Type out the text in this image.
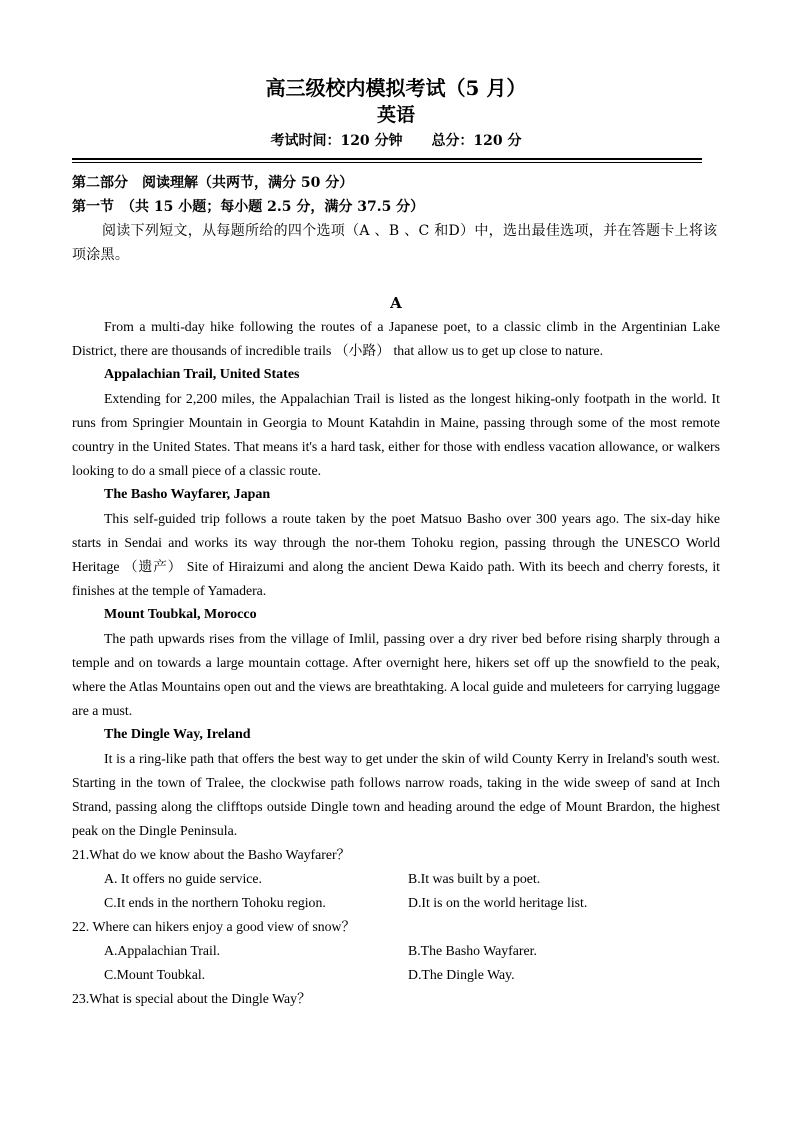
高三级校内模拟考试（5 月）
英语
考试时间：120 分钟 总分：120 分
第二部分　阅读理解（共两节，满分 50 分）
第一节　（共 15 小题；每小题 2.5 分，满分 37.5 分）

阅读下列短文，从每题所给的四个选项（A 、B 、C 和D）中，选出最佳选项，并在答题卡上将该项涂黑。

A

From a multi-day hike following the routes of a Japanese poet, to a classic climb in the Argentinian Lake District, there are thousands of incredible trails （小路） that allow us to get up close to nature.

Appalachian Trail, United States

Extending for 2,200 miles, the Appalachian Trail is listed as the longest hiking-only footpath in the world. It runs from Springier Mountain in Georgia to Mount Katahdin in Maine, passing through some of the most remote country in the United States. That means it's a hard task, either for those with endless vacation allowance, or walkers looking to do a small piece of a classic route.

The Basho Wayfarer, Japan

This self-guided trip follows a route taken by the poet Matsuo Basho over 300 years ago. The six-day hike starts in Sendai and works its way through the nor-them Tohoku region, passing through the UNESCO World Heritage （遗产） Site of Hiraizumi and along the ancient Dewa Kaido path. With its beech and cherry forests, it finishes at the temple of Yamadera.

Mount Toubkal, Morocco

The path upwards rises from the village of Imlil, passing over a dry river bed before rising sharply through a temple and on towards a large mountain cottage. After overnight here, hikers set off up the snowfield to the peak, where the Atlas Mountains open out and the views are breathtaking. A local guide and muleteers for carrying luggage are a must.

The Dingle Way, Ireland

It is a ring-like path that offers the best way to get under the skin of wild County Kerry in Ireland's south west. Starting in the town of Tralee, the clockwise path follows narrow roads, taking in the wide sweep of sand at Inch Strand, passing along the clifftops outside Dingle town and heading around the edge of Mount Brardon, the highest peak on the Dingle Peninsula.

21.What do we know about the Basho Wayfarer？
A. It offers no guide service.	B.It was built by a poet.
C.It ends in the northern Tohoku region.	D.It is on the world heritage list.
22. Where can hikers enjoy a good view of snow？
A.Appalachian Trail.	B.The Basho Wayfarer.
C.Mount Toubkal.	D.The Dingle Way.
23.What is special about the Dingle Way？
